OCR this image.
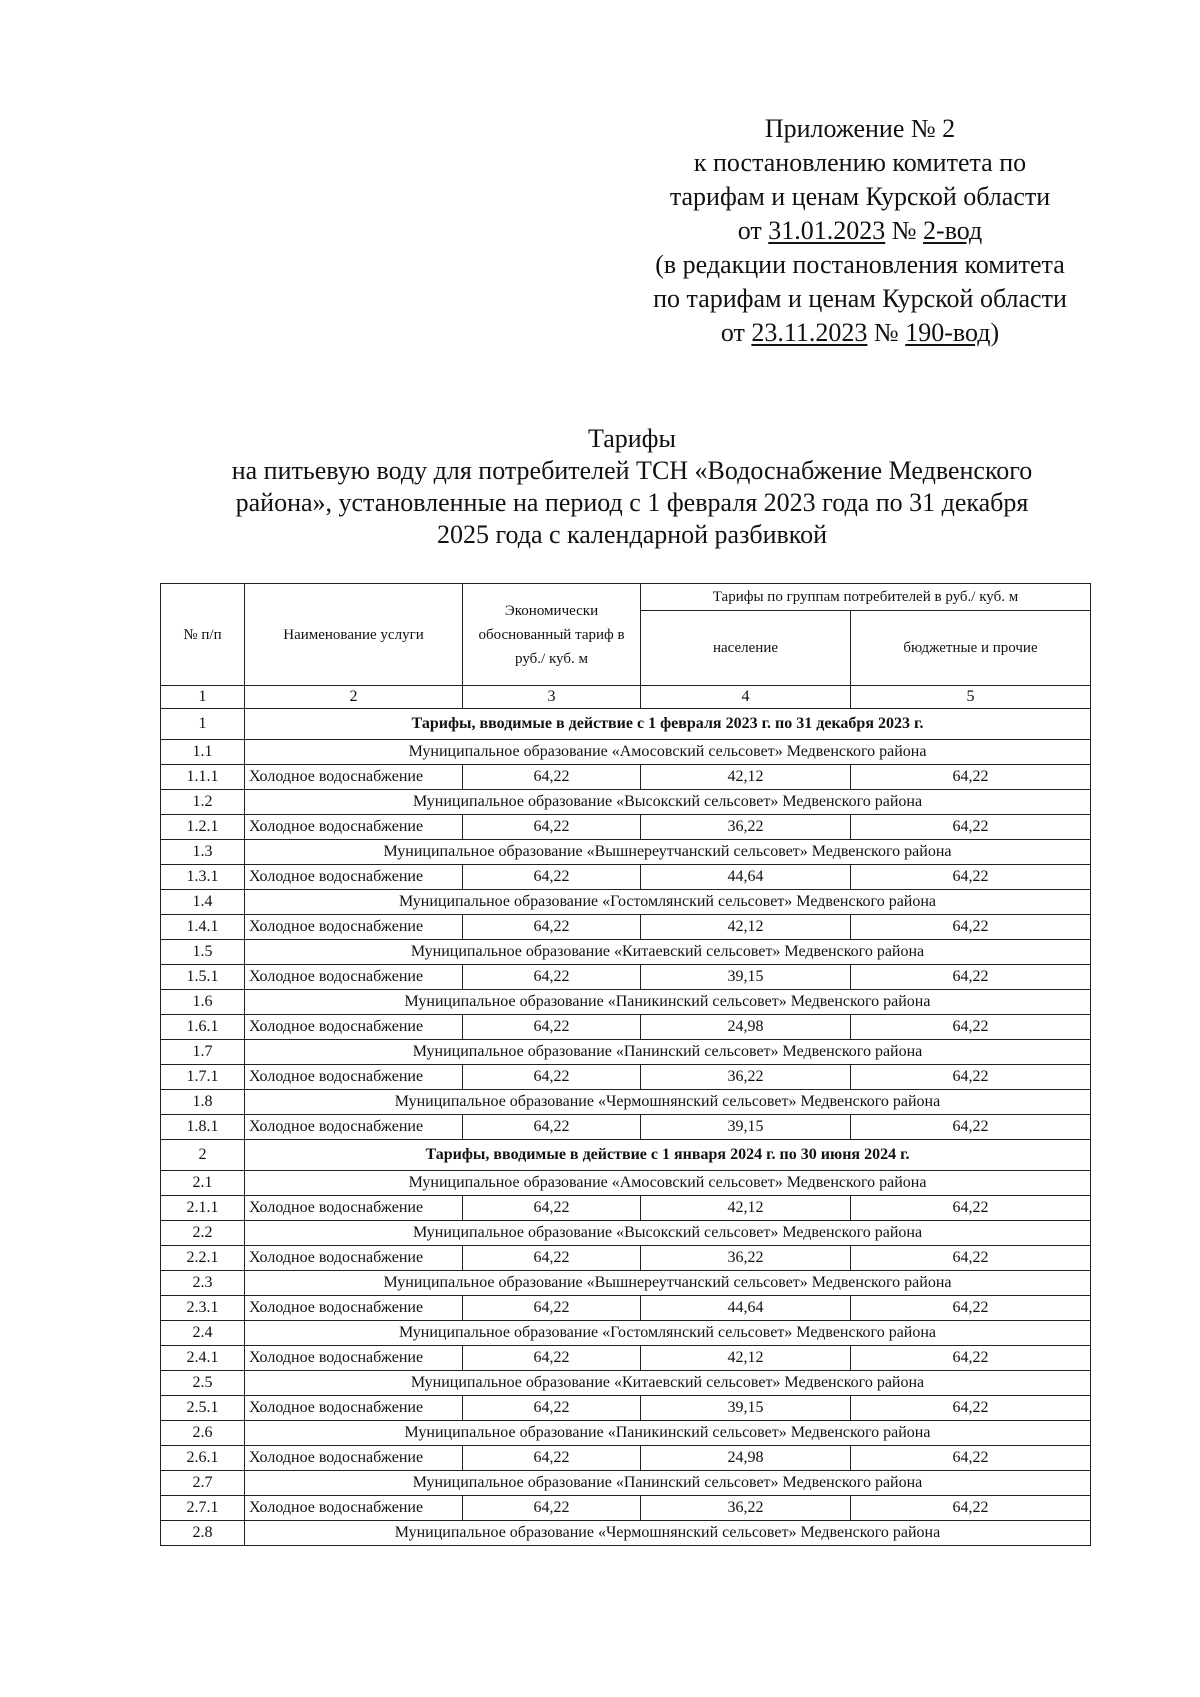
Приложение № 2
к постановлению комитета по
тарифам и ценам Курской области
от 31.01.2023 № 2-вод
(в редакции постановления комитета
по тарифам и ценам Курской области
от 23.11.2023 № 190-вод)
Тарифы
на питьевую воду для потребителей ТСН «Водоснабжение Медвенского
района», установленные на период с 1 февраля 2023 года по 31 декабря
2025 года с календарной разбивкой
№ п/п	Наименование услуги	Экономически обоснованный тариф в руб./ куб. м	Тарифы по группам потребителей в руб./ куб. м	
			население	бюджетные и прочие
1	2	3	4	5
1	Тарифы, вводимые в действие с 1 февраля 2023 г. по 31 декабря 2023 г.			
1.1	Муниципальное образование «Амосовский сельсовет» Медвенского района			
1.1.1	Холодное водоснабжение	64,22	42,12	64,22
1.2	Муниципальное образование «Высокский сельсовет» Медвенского района			
1.2.1	Холодное водоснабжение	64,22	36,22	64,22
1.3	Муниципальное образование «Вышнереутчанский сельсовет» Медвенского района			
1.3.1	Холодное водоснабжение	64,22	44,64	64,22
1.4	Муниципальное образование «Гостомлянский сельсовет» Медвенского района			
1.4.1	Холодное водоснабжение	64,22	42,12	64,22
1.5	Муниципальное образование «Китаевский сельсовет» Медвенского района			
1.5.1	Холодное водоснабжение	64,22	39,15	64,22
1.6	Муниципальное образование «Паникинский сельсовет» Медвенского района			
1.6.1	Холодное водоснабжение	64,22	24,98	64,22
1.7	Муниципальное образование «Панинский сельсовет» Медвенского района			
1.7.1	Холодное водоснабжение	64,22	36,22	64,22
1.8	Муниципальное образование «Чермошнянский сельсовет» Медвенского района			
1.8.1	Холодное водоснабжение	64,22	39,15	64,22
2	Тарифы, вводимые в действие с 1 января 2024 г. по 30 июня 2024 г.			
2.1	Муниципальное образование «Амосовский сельсовет» Медвенского района			
2.1.1	Холодное водоснабжение	64,22	42,12	64,22
2.2	Муниципальное образование «Высокский сельсовет» Медвенского района			
2.2.1	Холодное водоснабжение	64,22	36,22	64,22
2.3	Муниципальное образование «Вышнереутчанский сельсовет» Медвенского района			
2.3.1	Холодное водоснабжение	64,22	44,64	64,22
2.4	Муниципальное образование «Гостомлянский сельсовет» Медвенского района			
2.4.1	Холодное водоснабжение	64,22	42,12	64,22
2.5	Муниципальное образование «Китаевский сельсовет» Медвенского района			
2.5.1	Холодное водоснабжение	64,22	39,15	64,22
2.6	Муниципальное образование «Паникинский сельсовет» Медвенского района			
2.6.1	Холодное водоснабжение	64,22	24,98	64,22
2.7	Муниципальное образование «Панинский сельсовет» Медвенского района			
2.7.1	Холодное водоснабжение	64,22	36,22	64,22
2.8	Муниципальное образование «Чермошнянский сельсовет» Медвенского района			
